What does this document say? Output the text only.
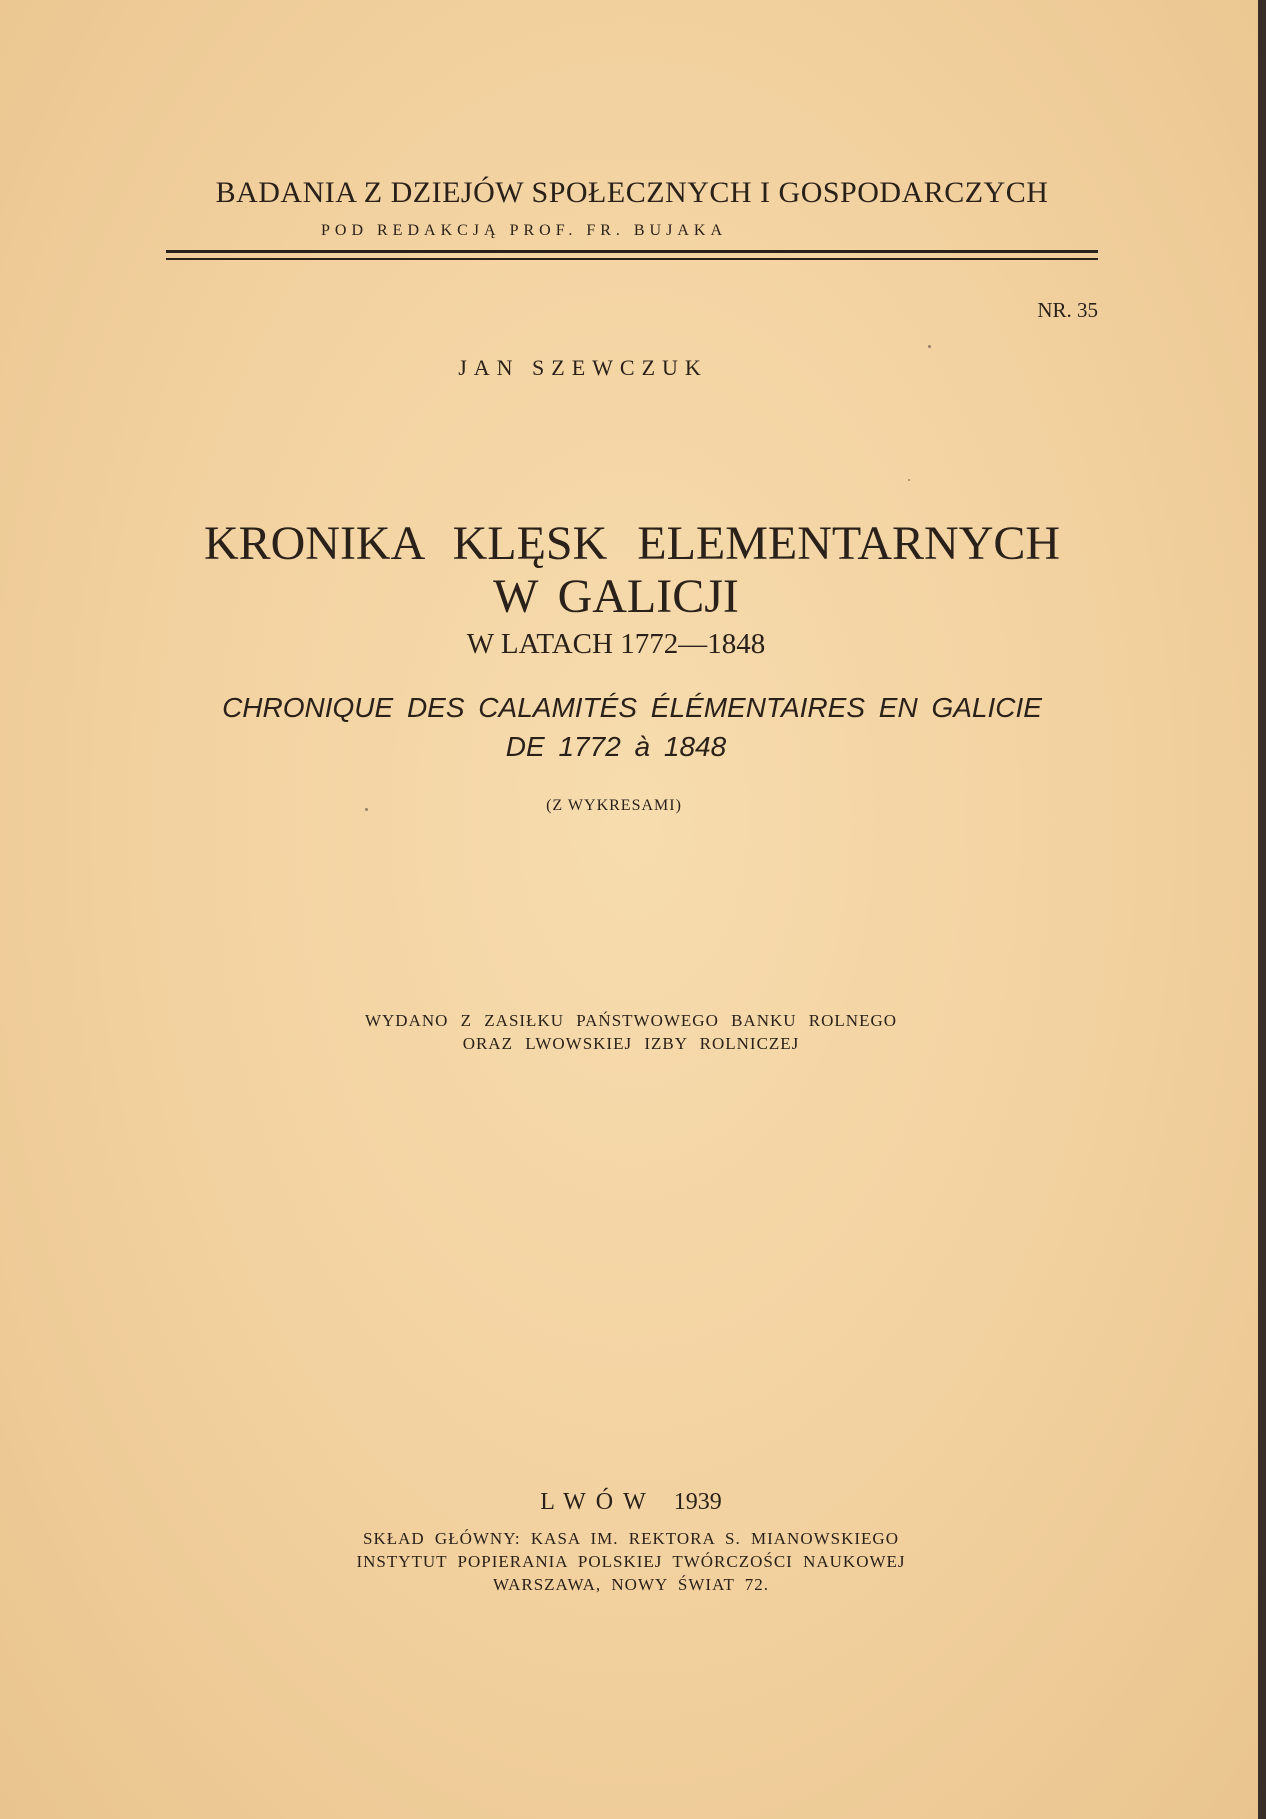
BADANIA Z DZIEJÓW SPOŁECZNYCH I GOSPODARCZYCH
POD REDAKCJĄ PROF. FR. BUJAKA
NR. 35
JAN SZEWCZUK
KRONIKA KLĘSK ELEMENTARNYCH
W GALICJI
W LATACH 1772—1848
CHRONIQUE DES CALAMITÉS ÉLÉMENTAIRES EN GALICIE
DE 1772 à 1848
(Z WYKRESAMI)
WYDANO Z ZASIŁKU PAŃSTWOWEGO BANKU ROLNEGO
ORAZ LWOWSKIEJ IZBY ROLNICZEJ
LWÓW 1939
SKŁAD GŁÓWNY: KASA IM. REKTORA S. MIANOWSKIEGO
INSTYTUT POPIERANIA POLSKIEJ TWÓRCZOŚCI NAUKOWEJ
WARSZAWA, NOWY ŚWIAT 72.
